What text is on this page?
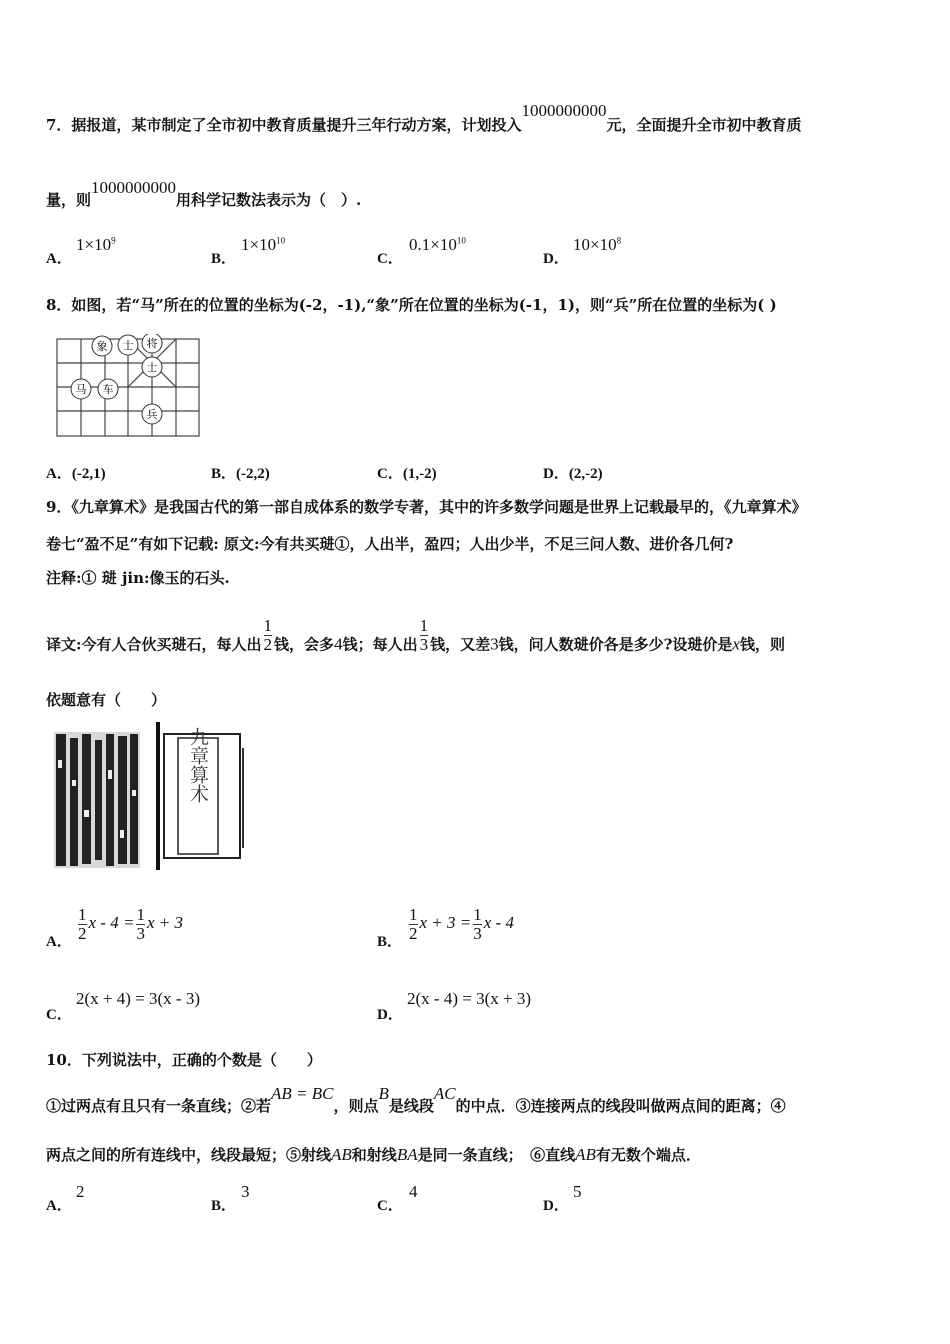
7．据报道，某市制定了全市初中教育质量提升三年行动方案，计划投入1000000000元，全面提升全市初中教育质
量，则1000000000用科学记数法表示为（　）.
A．
$1\times 10^9$
B．
$1\times 10^{10}$
C．
$0.1\times 10^{10}$
D．
$10\times 10^8$
8．如图，若“马”所在的位置的坐标为(-2，-1),“象”所在位置的坐标为(-1，1)，则“兵”所在位置的坐标为( )
象 士 将
士
马 车
兵
A．(-2,1)	B．(-2,2)	C．(1,-2)	D．(2,-2)
9．《九章算术》是我国古代的第一部自成体系的数学专著，其中的许多数学问题是世界上记载最早的，《九章算术》
卷七“盈不足”有如下记载: 原文:今有共买琎①，人出半，盈四；人出少半，不足三问人数、进价各几何?
注释:① 琎 jin:像玉的石头.
译文:今有人合伙买琎石，每人出 $\frac{1}{2}$ 钱，会多4钱；每人出 $\frac{1}{3}$ 钱，又差3钱，问人数琎价各是多少?设琎价是x钱，则
依题意有（　　）
九章算术
A． $\frac{1}{2}$ $x - 4 = \frac{1}{3}$ x + 3
B． $\frac{1}{2}$ $x + 3 = \frac{1}{3}$ x - 4
C．
2(x + 4) = 3(x - 3)
D．
2(x - 4) = 3(x + 3)
10．下列说法中，正确的个数是（　　）
①过两点有且只有一条直线；②若AB = BC，则点B是线段AC的中点．③连接两点的线段叫做两点间的距离；④
两点之间的所有连线中，线段最短；⑤射线AB和射线BA是同一条直线；　⑥直线AB有无数个端点．
A．
2
B．
3
C．
4
D．
5
